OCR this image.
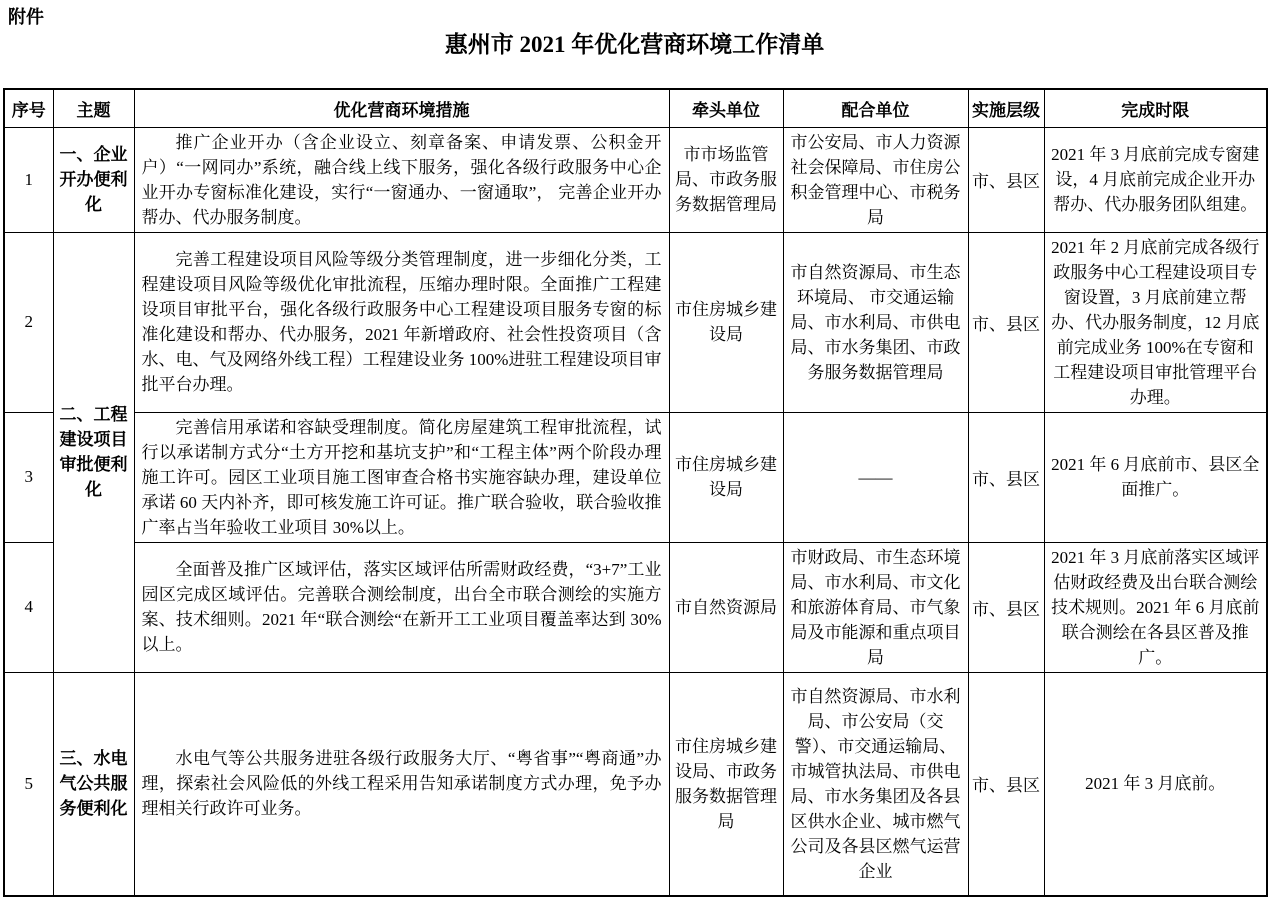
附件
惠州市 2021 年优化营商环境工作清单
序号	主题	优化营商环境措施	牵头单位	配合单位	实施层级	完成时限
1	一、企业开办便利化	推广企业开办（含企业设立、刻章备案、申请发票、公积金开户）“一网同办”系统，融合线上线下服务，强化各级行政服务中心企业开办专窗标准化建设，实行“一窗通办、一窗通取”， 完善企业开办帮办、代办服务制度。	市市场监管局、市政务服务数据管理局	市公安局、市人力资源社会保障局、市住房公积金管理中心、市税务局	市、县区	2021 年 3 月底前完成专窗建设，4 月底前完成企业开办帮办、代办服务团队组建。
2	二、工程建设项目审批便利化	完善工程建设项目风险等级分类管理制度，进一步细化分类，工程建设项目风险等级优化审批流程，压缩办理时限。全面推广工程建设项目审批平台，强化各级行政服务中心工程建设项目服务专窗的标准化建设和帮办、代办服务，2021 年新增政府、社会性投资项目（含水、电、气及网络外线工程）工程建设业务 100%进驻工程建设项目审批平台办理。	市住房城乡建设局	市自然资源局、市生态环境局、 市交通运输局、市水利局、市供电局、市水务集团、市政务服务数据管理局	市、县区	2021 年 2 月底前完成各级行政服务中心工程建设项目专窗设置，3 月底前建立帮办、代办服务制度，12 月底前完成业务 100%在专窗和工程建设项目审批管理平台办理。
3		完善信用承诺和容缺受理制度。简化房屋建筑工程审批流程，试行以承诺制方式分“土方开挖和基坑支护”和“工程主体”两个阶段办理施工许可。园区工业项目施工图审查合格书实施容缺办理，建设单位承诺 60 天内补齐，即可核发施工许可证。推广联合验收，联合验收推广率占当年验收工业项目 30%以上。	市住房城乡建设局	——	市、县区	2021 年 6 月底前市、县区全面推广。
4		全面普及推广区域评估，落实区域评估所需财政经费，“3+7”工业园区完成区域评估。完善联合测绘制度，出台全市联合测绘的实施方案、技术细则。2021 年“联合测绘“在新开工工业项目覆盖率达到 30%以上。	市自然资源局	市财政局、市生态环境局、市水利局、市文化和旅游体育局、市气象局及市能源和重点项目局	市、县区	2021 年 3 月底前落实区域评估财政经费及出台联合测绘技术规则。2021 年 6 月底前联合测绘在各县区普及推广。
5	三、水电气公共服务便利化	水电气等公共服务进驻各级行政服务大厅、“粤省事”“粤商通”办理，探索社会风险低的外线工程采用告知承诺制度方式办理，免予办理相关行政许可业务。	市住房城乡建设局、市政务服务数据管理局	市自然资源局、市水利局、市公安局（交警）、市交通运输局、市城管执法局、市供电局、市水务集团及各县区供水企业、城市燃气公司及各县区燃气运营企业	市、县区	2021 年 3 月底前。
